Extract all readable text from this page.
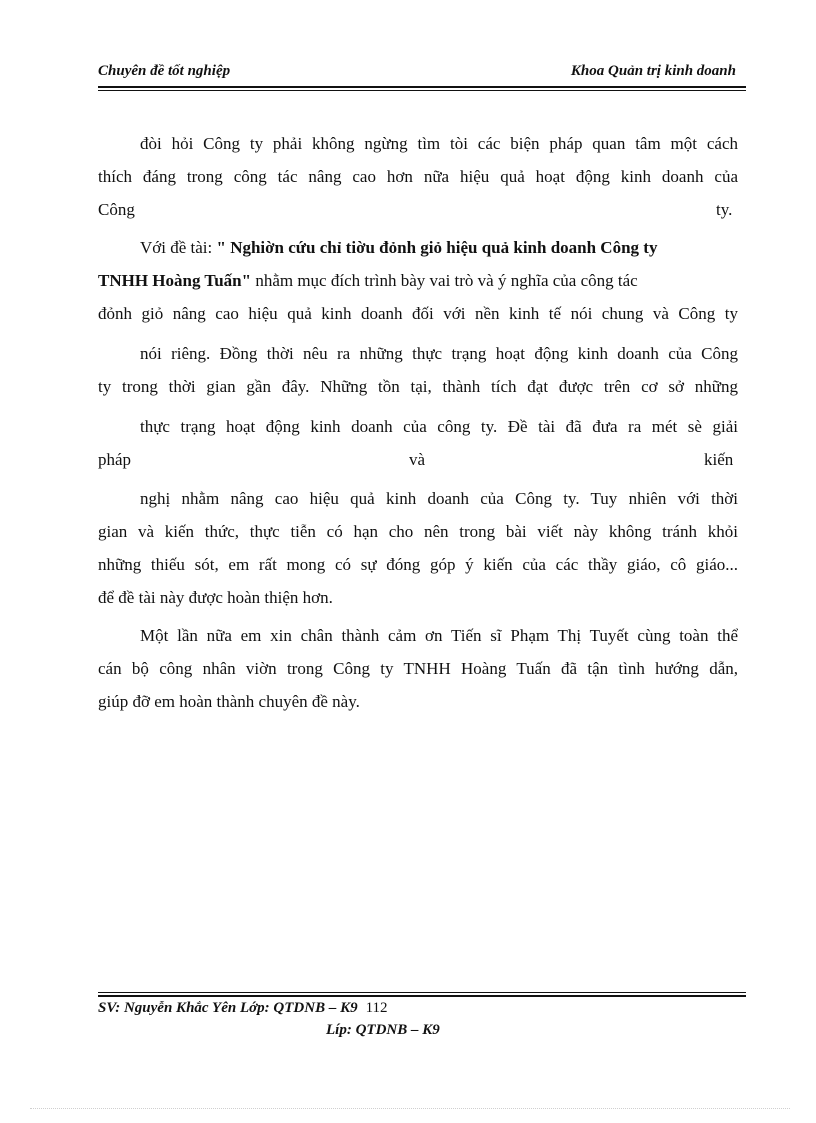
Chuyên đề tốt nghiệp	Khoa Quản trị kinh doanh
đòi hỏi Công ty phải không ngừng tìm tòi các biện pháp quan tâm một cách
thích đáng trong công tác nâng cao hơn nữa hiệu quả hoạt động kinh doanh của
Công	ty.
Với đề tài: " Nghiờn cứu chỉ tiờu đỏnh giỏ hiệu quả kinh doanh Công ty
TNHH Hoàng Tuấn" nhằm mục đích trình bày vai trò và ý nghĩa của công tác
đỏnh giỏ nâng cao hiệu quả kinh doanh đối với nền kinh tế nói chung và Công ty
nói riêng. Đồng thời nêu ra những thực trạng hoạt động kinh doanh của Công
ty trong thời gian gần đây. Những tồn tại, thành tích đạt được trên cơ sở những
thực trạng hoạt động kinh doanh của công ty. Đề tài đã đưa ra mét sè giải
pháp	và	kiến
nghị nhằm nâng cao hiệu quả kinh doanh của Công ty. Tuy nhiên với thời
gian và kiến thức, thực tiễn có hạn cho nên trong bài viết này không tránh khỏi
những thiếu sót, em rất mong có sự đóng góp ý kiến của các thầy giáo, cô giáo...
để đề tài này được hoàn thiện hơn.
Một lần nữa em xin chân thành cảm ơn Tiến sĩ Phạm Thị Tuyết cùng toàn thể
cán bộ công nhân viờn trong Công ty TNHH Hoàng Tuấn đã tận tình hướng dẫn,
giúp đỡ em hoàn thành chuyên đề này.
SV: Nguyễn Khắc Yên Lớp: QTDNB – K9 112
Líp: QTDNB – K9
